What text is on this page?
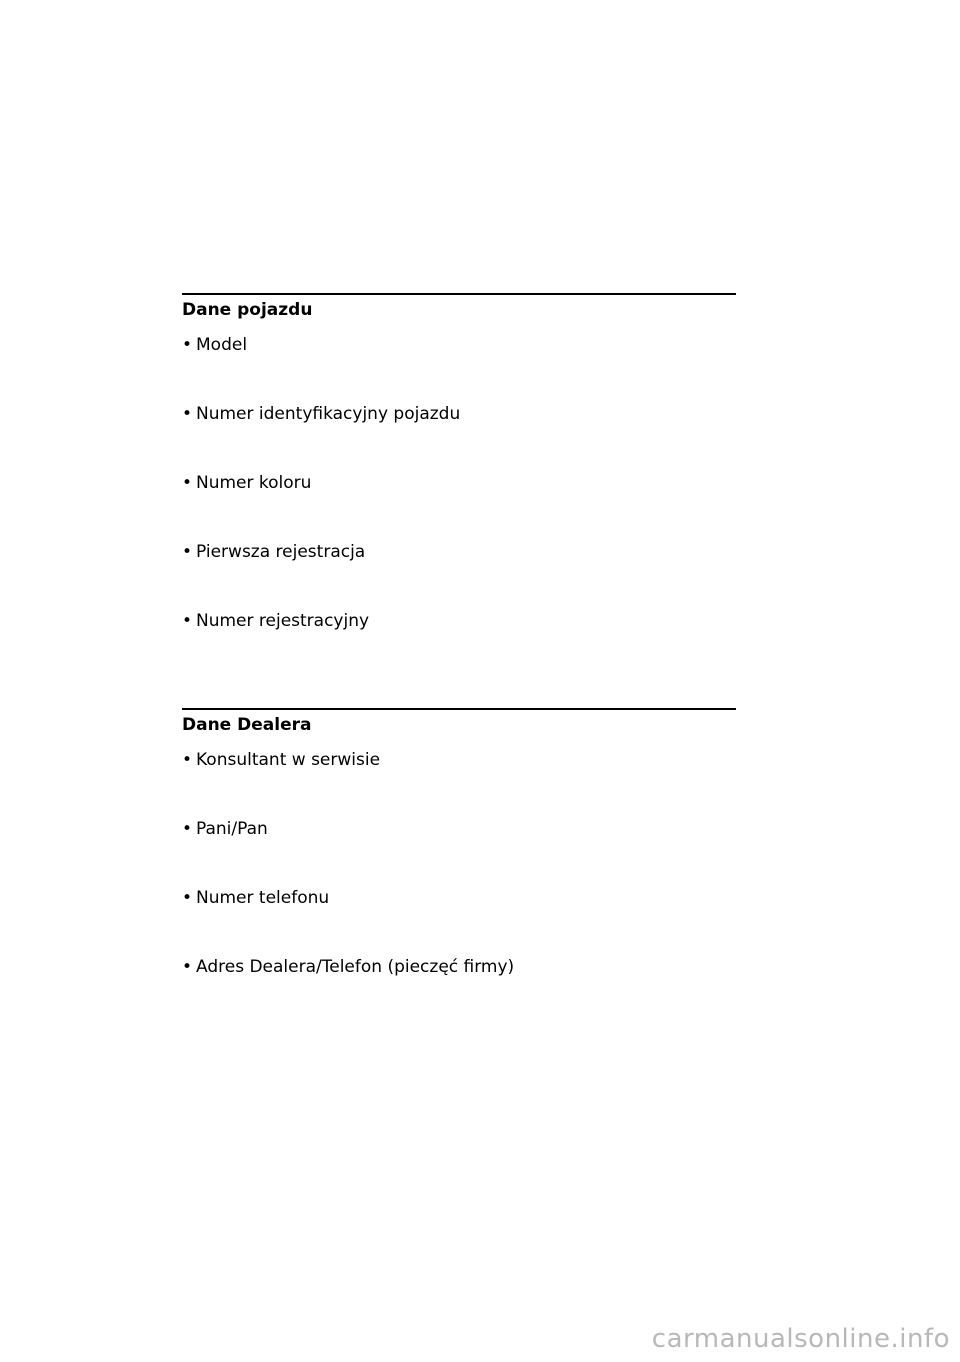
Dane pojazdu
• Model
• Numer identyfikacyjny pojazdu
• Numer koloru
• Pierwsza rejestracja
• Numer rejestracyjny
Dane Dealera
• Konsultant w serwisie
• Pani/Pan
• Numer telefonu
• Adres Dealera/Telefon (pieczęć firmy)
carmanualsonline.info
